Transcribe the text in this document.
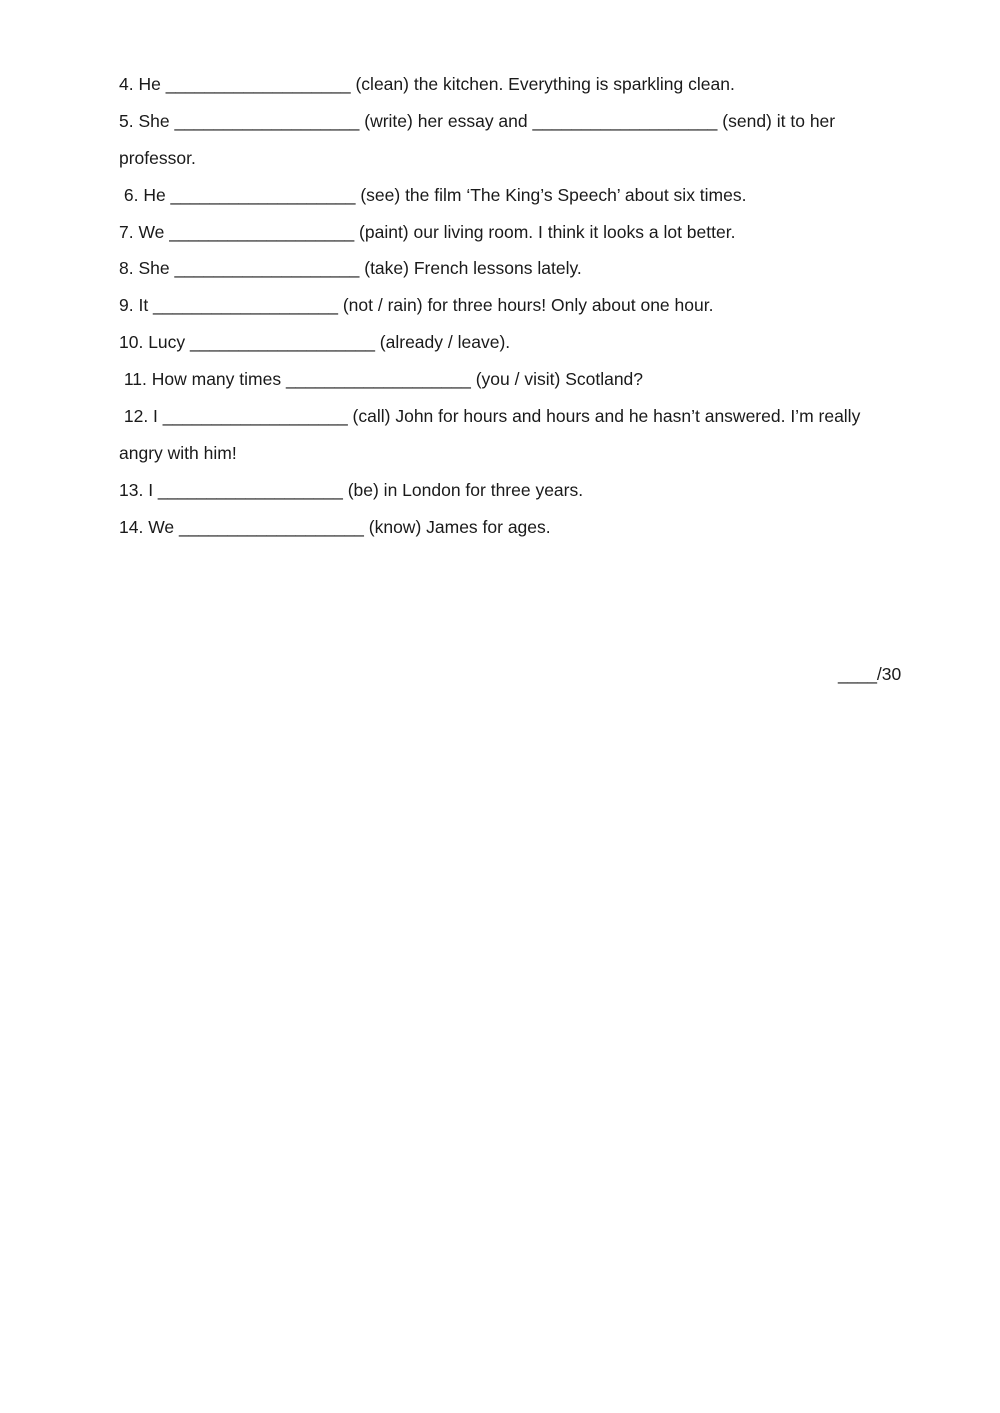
4. He ___________________ (clean) the kitchen. Everything is sparkling clean.

5. She ___________________ (write) her essay and ___________________ (send) it to her

professor.

6. He ___________________ (see) the film ‘The King’s Speech’ about six times.

7. We ___________________ (paint) our living room. I think it looks a lot better.

8. She ___________________ (take) French lessons lately.

9. It ___________________ (not / rain) for three hours! Only about one hour.

10. Lucy ___________________ (already / leave).

11. How many times ___________________ (you / visit) Scotland?

12. I ___________________ (call) John for hours and hours and he hasn’t answered. I’m really

angry with him!

13. I ___________________ (be) in London for three years.

14. We ___________________ (know) James for ages.

____/30
